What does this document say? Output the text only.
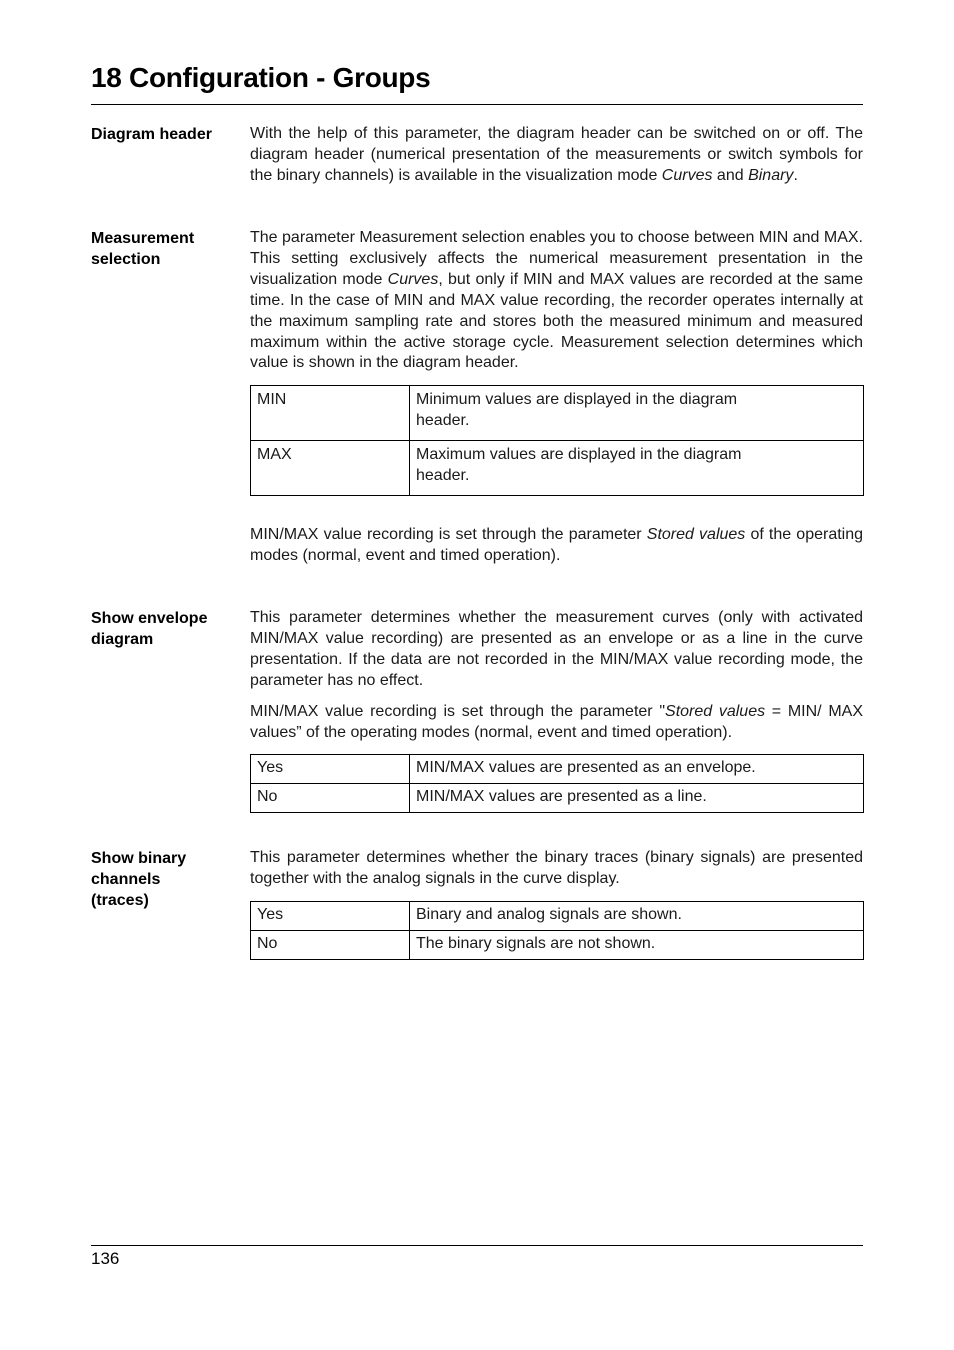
18 Configuration - Groups
Diagram header	With the help of this parameter, the diagram header can be switched on or off. The diagram header (numerical presentation of the measurements or switch symbols for the binary channels) is available in the visualization mode Curves and Binary.

Measurement
selection

The parameter Measurement selection enables you to choose between MIN and MAX. This setting exclusively affects the numerical measurement presentation in the visualization mode Curves, but only if MIN and MAX values are recorded at the same time. In the case of MIN and MAX value recording, the recorder operates internally at the maximum sampling rate and stores both the measured minimum and measured maximum within the active storage cycle. Measurement selection determines which value is shown in the diagram header.

MIN	Minimum values are displayed in the diagram header.
MAX	Maximum values are displayed in the diagram header.

MIN/MAX value recording is set through the parameter Stored values of the operating modes (normal, event and timed operation).

Show envelope
diagram

This parameter determines whether the measurement curves (only with activated MIN/MAX value recording) are presented as an envelope or as a line in the curve presentation. If the data are not recorded in the MIN/MAX value recording mode, the parameter has no effect.

MIN/MAX value recording is set through the parameter "Stored values = MIN/ MAX values” of the operating modes (normal, event and timed operation).

Yes	MIN/MAX values are presented as an envelope.
No	MIN/MAX values are presented as a line.
Show binary
channels
(traces)

This parameter determines whether the binary traces (binary signals) are presented together with the analog signals in the curve display.

Yes	Binary and analog signals are shown.
No	The binary signals are not shown.
136
